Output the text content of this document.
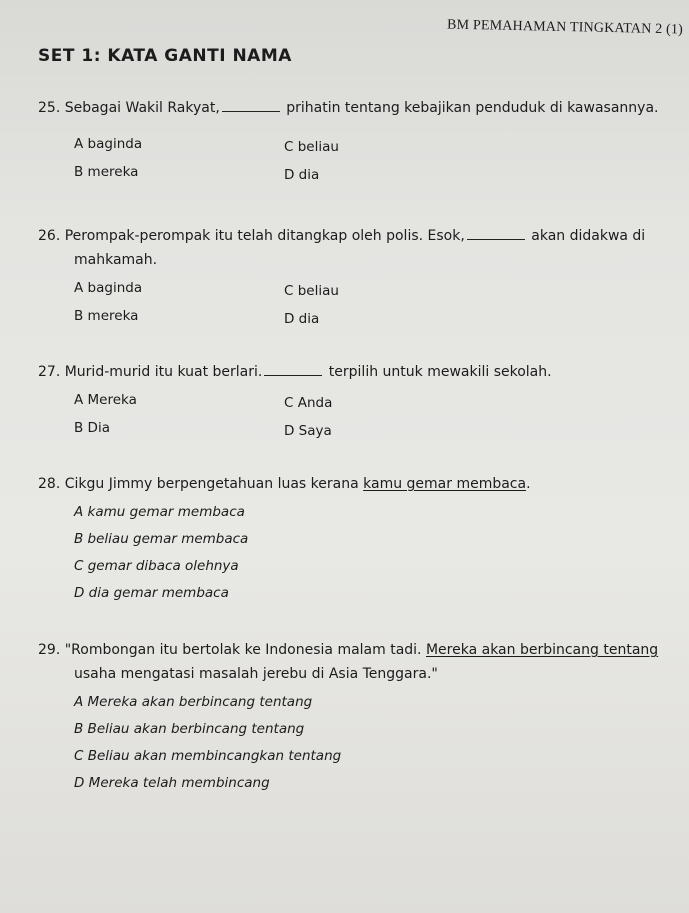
BM PEMAHAMAN TINGKATAN 2 (1)
SET 1: KATA GANTI NAMA
25. Sebagai Wakil Rakyat,	prihatin tentang kebajikan penduduk di kawasannya.
A baginda	C beliau
B mereka	D dia
26. Perompak-perompak itu telah ditangkap oleh polis. Esok,	akan didakwa di
mahkamah.
A baginda	C beliau
B mereka	D dia
27. Murid-murid itu kuat berlari.	terpilih untuk mewakili sekolah.
A Mereka	C Anda
B Dia	D Saya
28. Cikgu Jimmy berpengetahuan luas kerana kamu gemar membaca.
A kamu gemar membaca
B beliau gemar membaca
C gemar dibaca olehnya
D dia gemar membaca
29. "Rombongan itu bertolak ke Indonesia malam tadi. Mereka akan berbincang tentang
usaha mengatasi masalah jerebu di Asia Tenggara."
A Mereka akan berbincang tentang
B Beliau akan berbincang tentang
C Beliau akan membincangkan tentang
D Mereka telah membincang
